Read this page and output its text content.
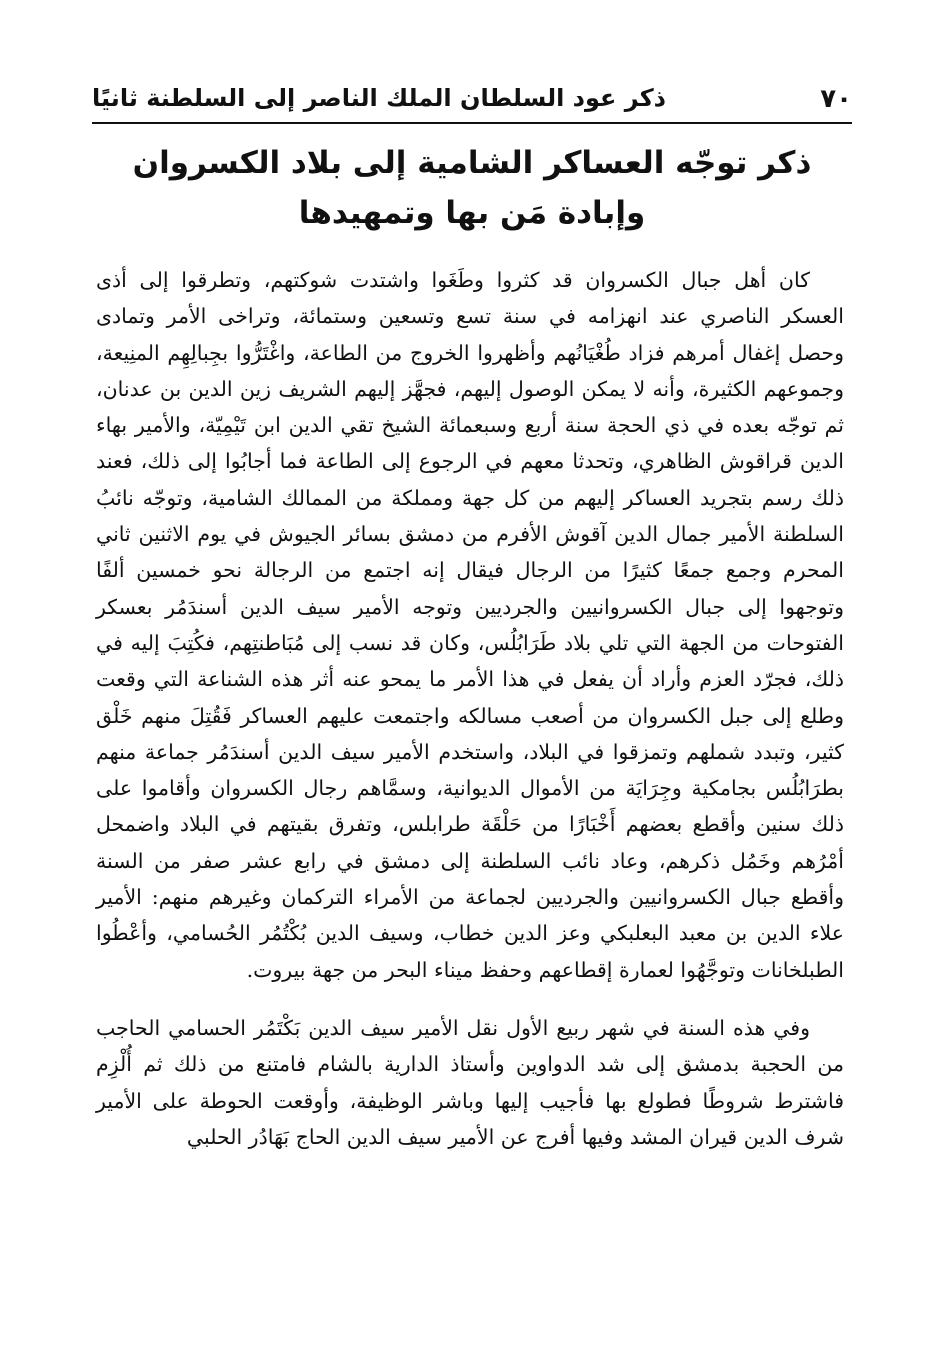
٧٠
ذكر عود السلطان الملك الناصر إلى السلطنة ثانيًا
ذكر توجّه العساكر الشامية إلى بلاد الكسروان
وإبادة مَن بها وتمهيدها

كان أهل جبال الكسروان قد كثروا وطَغَوا واشتدت شوكتهم، وتطرقوا إلى أذى العسكر الناصري عند انهزامه في سنة تسع وتسعين وستمائة، وتراخى الأمر وتمادى وحصل إغفال أمرهم فزاد طُغْيَانُهم وأظهروا الخروج من الطاعة، واغْتَرُّوا بجِبالِهِم المنِيعة، وجموعهم الكثيرة، وأنه لا يمكن الوصول إليهم، فجهَّز إليهم الشريف زين الدين بن عدنان، ثم توجّه بعده في ذي الحجة سنة أربع وسبعمائة الشيخ تقي الدين ابن تَيْمِيّة، والأمير بهاء الدين قراقوش الظاهري، وتحدثا معهم في الرجوع إلى الطاعة فما أجابُوا إلى ذلك، فعند ذلك رسم بتجريد العساكر إليهم من كل جهة ومملكة من الممالك الشامية، وتوجّه نائبُ السلطنة الأمير جمال الدين آقوش الأفرم من دمشق بسائر الجيوش في يوم الاثنين ثاني المحرم وجمع جمعًا كثيرًا من الرجال فيقال إنه اجتمع من الرجالة نحو خمسين ألفًا وتوجهوا إلى جبال الكسروانيين والجرديين وتوجه الأمير سيف الدين أسندَمُر بعسكر الفتوحات من الجهة التي تلي بلاد طَرَابُلُس، وكان قد نسب إلى مُبَاطنتِهم، فكُتِبَ إليه في ذلك، فجرّد العزم وأراد أن يفعل في هذا الأمر ما يمحو عنه أثر هذه الشناعة التي وقعت وطلع إلى جبل الكسروان من أصعب مسالكه واجتمعت عليهم العساكر فَقُتِلَ منهم خَلْق كثير، وتبدد شملهم وتمزقوا في البلاد، واستخدم الأمير سيف الدين أسندَمُر جماعة منهم بطرَابُلُس بجامكية وجِرَايَة من الأموال الديوانية، وسمَّاهم رجال الكسروان وأقاموا على ذلك سنين وأقطع بعضهم أَخْبَارًا من حَلْقَة طرابلس، وتفرق بقيتهم في البلاد واضمحل أمْرُهم وخَمُل ذكرهم، وعاد نائب السلطنة إلى دمشق في رابع عشر صفر من السنة وأقطع جبال الكسروانيين والجرديين لجماعة من الأمراء التركمان وغيرهم منهم: الأمير علاء الدين بن معبد البعلبكي وعز الدين خطاب، وسيف الدين بُكْتُمُر الحُسامي، وأعْطُوا الطبلخانات وتوجَّهُوا لعمارة إقطاعهم وحفظ ميناء البحر من جهة بيروت.

وفي هذه السنة في شهر ربيع الأول نقل الأمير سيف الدين بَكْتَمُر الحسامي الحاجب من الحجبة بدمشق إلى شد الدواوين وأستاذ الدارية بالشام فامتنع من ذلك ثم أُلْزِم فاشترط شروطًا فطولع بها فأجيب إليها وباشر الوظيفة، وأوقعت الحوطة على الأمير شرف الدين قيران المشد وفيها أفرج عن الأمير سيف الدين الحاج بَهَادُر الحلبي
